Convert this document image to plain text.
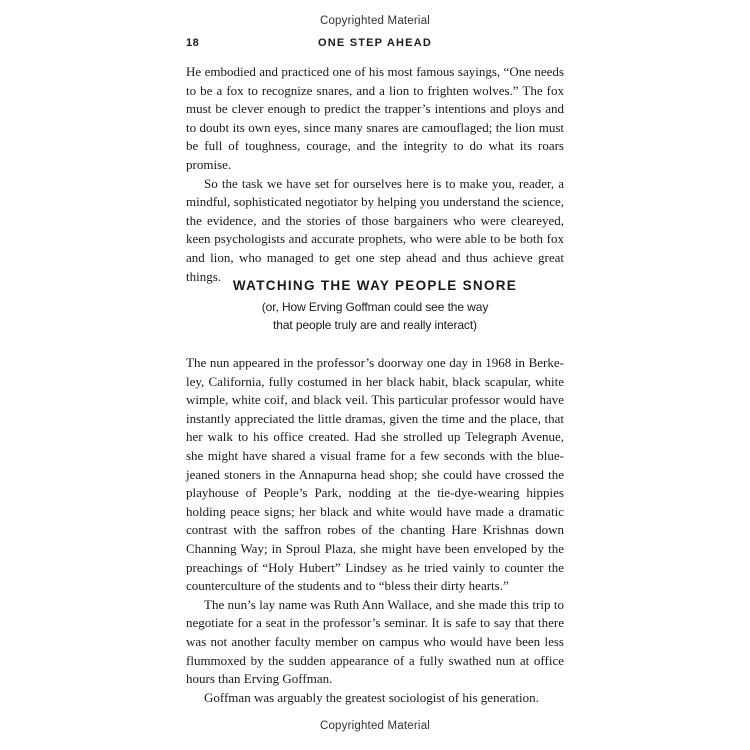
Copyrighted Material
18	ONE STEP AHEAD

He embodied and practiced one of his most famous sayings, “One needs to be a fox to recognize snares, and a lion to frighten wolves.” The fox must be clever enough to predict the trapper’s intentions and ploys and to doubt its own eyes, since many snares are camouflaged; the lion must be full of toughness, courage, and the integrity to do what its roars promise.

So the task we have set for ourselves here is to make you, reader, a mindful, sophisticated negotiator by helping you understand the science, the evidence, and the stories of those bargainers who were cleareyed, keen psychologists and accurate prophets, who were able to be both fox and lion, who managed to get one step ahead and thus achieve great things.

WATCHING THE WAY PEOPLE SNORE
(or, How Erving Goffman could see the way
that people truly are and really interact)

The nun appeared in the professor’s doorway one day in 1968 in Berkeley, California, fully costumed in her black habit, black scapular, white wimple, white coif, and black veil. This particular professor would have instantly appreciated the little dramas, given the time and the place, that her walk to his office created. Had she strolled up Telegraph Avenue, she might have shared a visual frame for a few seconds with the blue-jeaned stoners in the Annapurna head shop; she could have crossed the playhouse of People’s Park, nodding at the tie-dye-wearing hippies holding peace signs; her black and white would have made a dramatic contrast with the saffron robes of the chanting Hare Krishnas down Channing Way; in Sproul Plaza, she might have been enveloped by the preachings of “Holy Hubert” Lindsey as he tried vainly to counter the counterculture of the students and to “bless their dirty hearts.”

The nun’s lay name was Ruth Ann Wallace, and she made this trip to negotiate for a seat in the professor’s seminar. It is safe to say that there was not another faculty member on campus who would have been less flummoxed by the sudden appearance of a fully swathed nun at office hours than Erving Goffman.

Goffman was arguably the greatest sociologist of his generation.

Copyrighted Material
